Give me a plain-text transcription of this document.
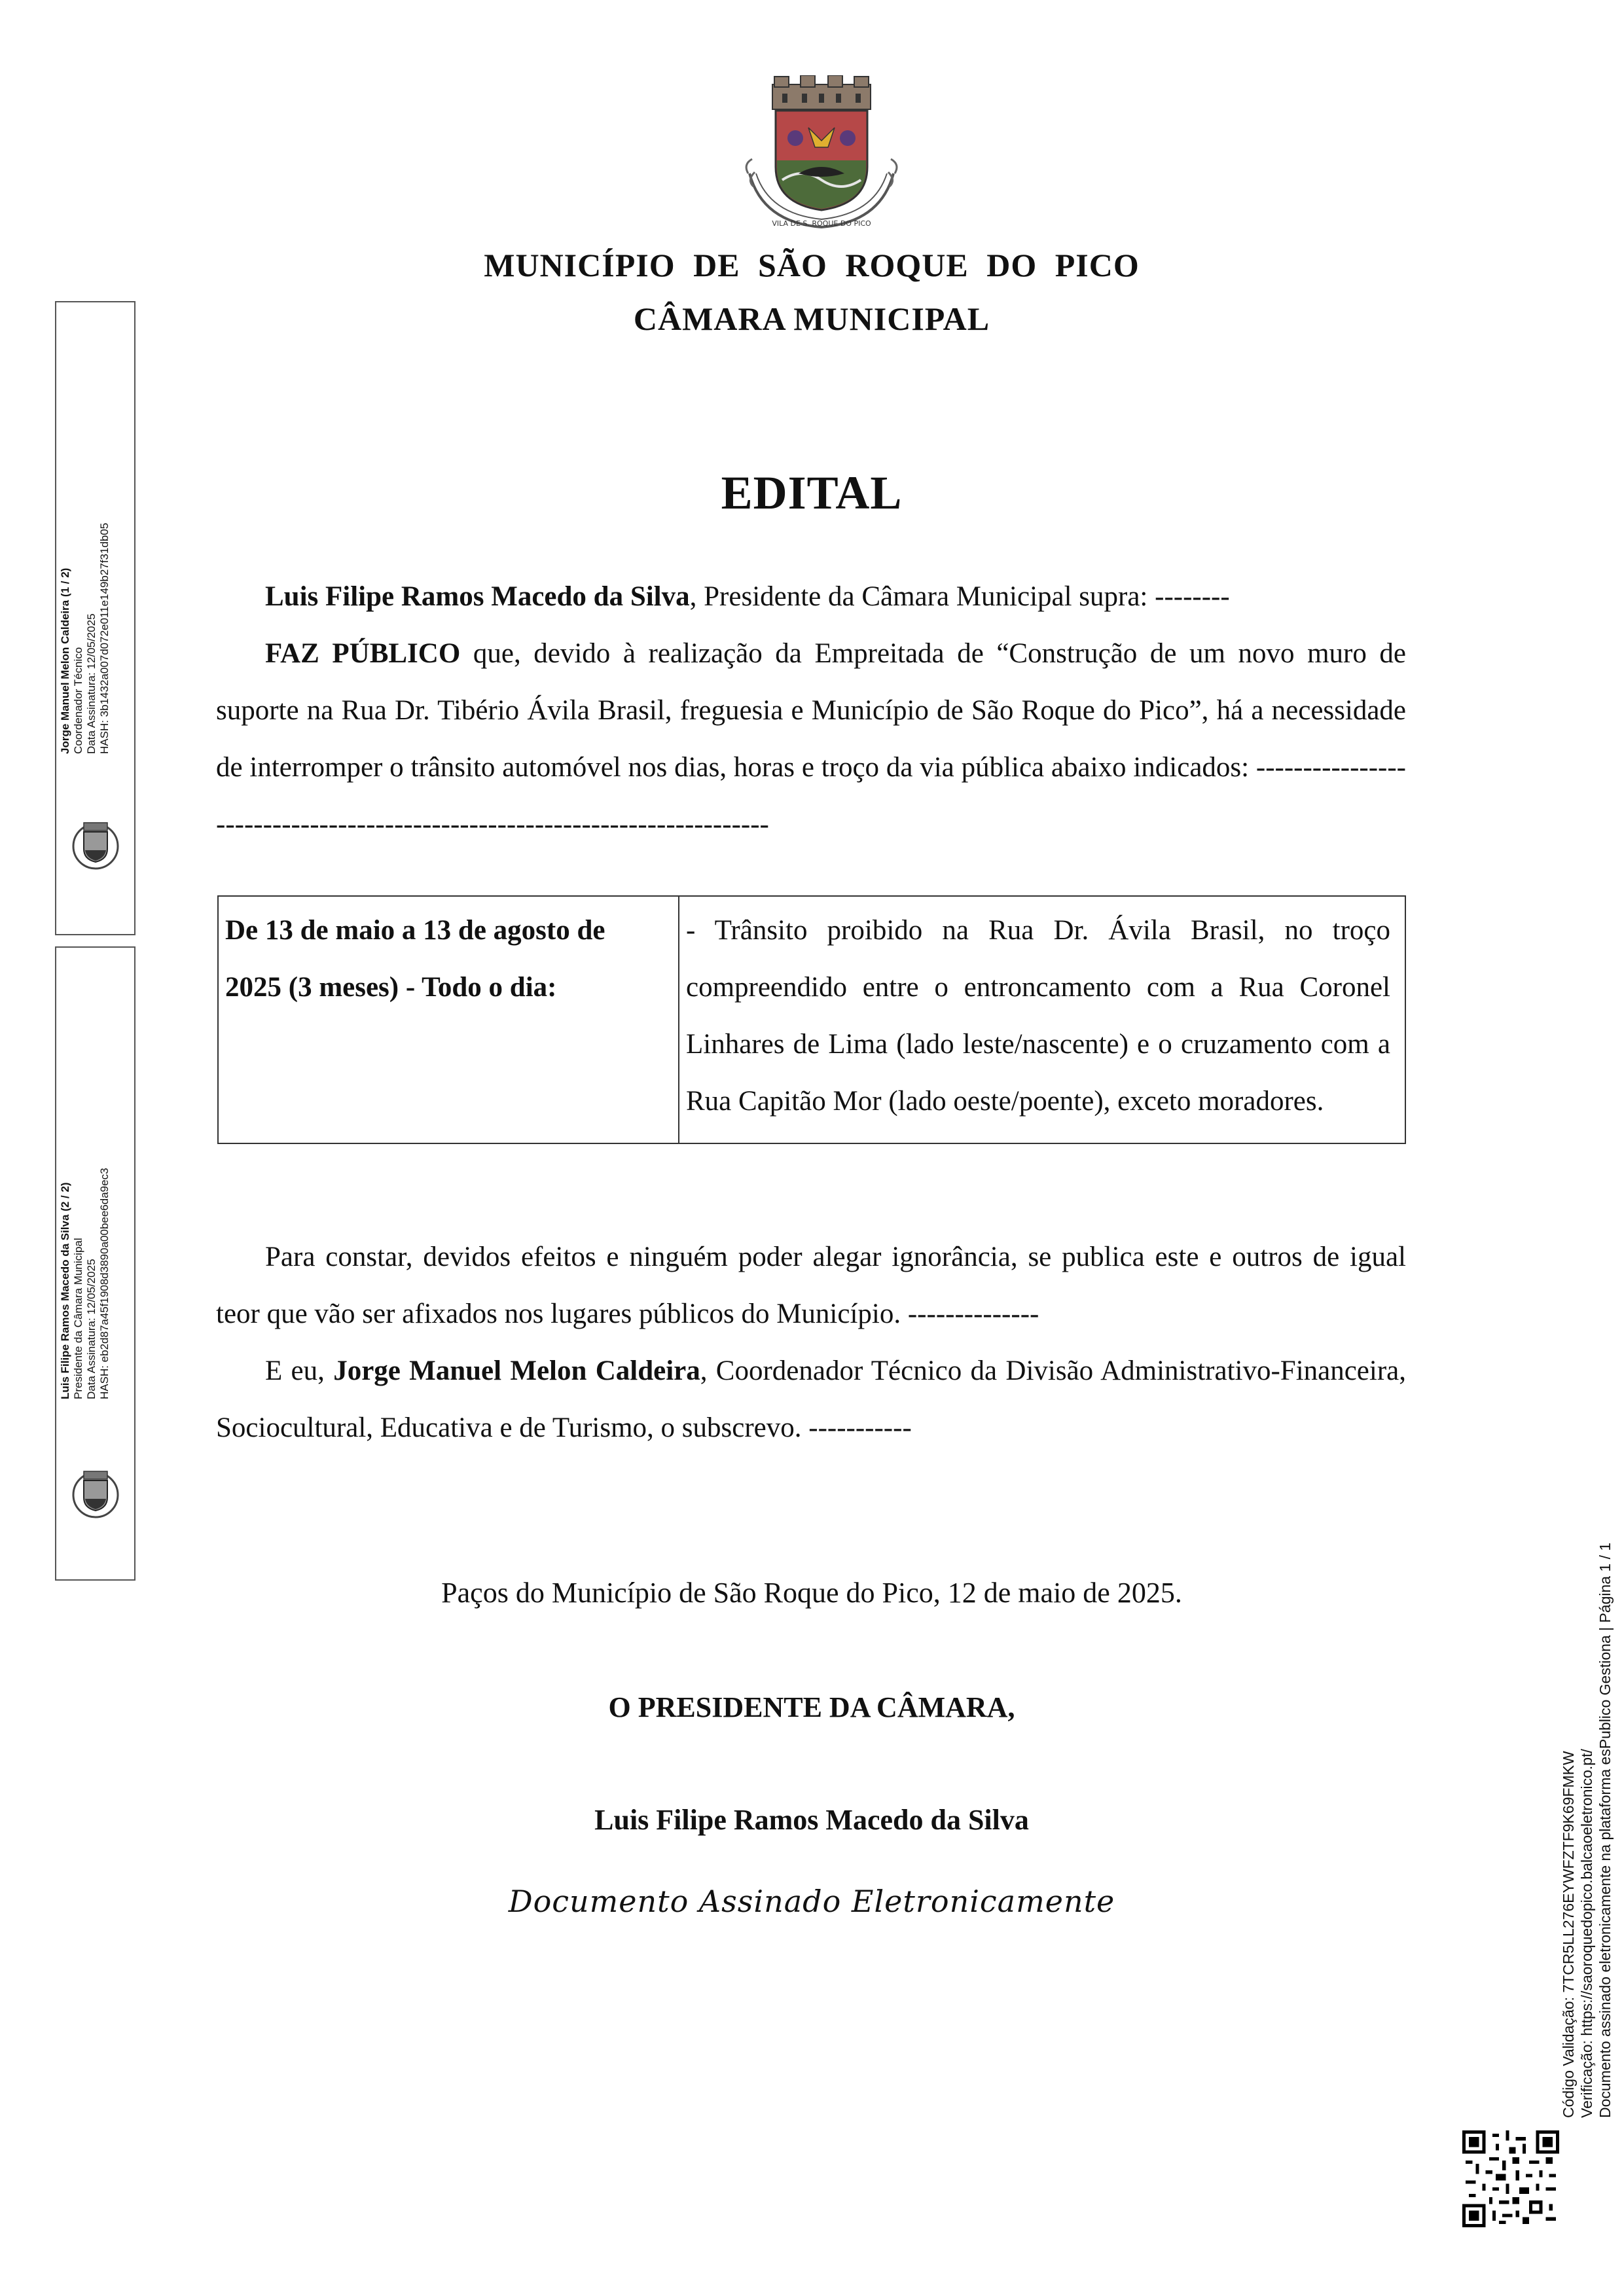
VILA DE S. ROQUE DO PICO
MUNICÍPIO DE SÃO ROQUE DO PICO
CÂMARA MUNICIPAL
EDITAL
Luis Filipe Ramos Macedo da Silva, Presidente da Câmara Municipal supra: --------
FAZ PÚBLICO que, devido à realização da Empreitada de “Construção de um novo muro de suporte na Rua Dr. Tibério Ávila Brasil, freguesia e Município de São Roque do Pico”, há a necessidade de interromper o trânsito automóvel nos dias, horas e troço da via pública abaixo indicados: ---------------------------------------------------------------------------
De 13 de maio a 13 de agosto de 2025 (3 meses) - Todo o dia:	- Trânsito proibido na Rua Dr. Ávila Brasil, no troço compreendido entre o entroncamento com a Rua Coronel Linhares de Lima (lado leste/nascente) e o cruzamento com a Rua Capitão Mor (lado oeste/poente), exceto moradores.
Para constar, devidos efeitos e ninguém poder alegar ignorância, se publica este e outros de igual teor que vão ser afixados nos lugares públicos do Município. --------------
E eu, Jorge Manuel Melon Caldeira, Coordenador Técnico da Divisão Administrativo-Financeira, Sociocultural, Educativa e de Turismo, o subscrevo. -----------
Paços do Município de São Roque do Pico, 12 de maio de 2025.
O PRESIDENTE DA CÂMARA,
Luis Filipe Ramos Macedo da Silva
Documento Assinado Eletronicamente
Jorge Manuel Melon Caldeira (1 / 2) Coordenador Técnico Data Assinatura: 12/05/2025 HASH: 3b1432a007d072e011e149b27f31db05
Luis Filipe Ramos Macedo da Silva (2 / 2) Presidente da Câmara Municipal Data Assinatura: 12/05/2025 HASH: eb2d87a45f1908d3890a00bee6da9ec3
Código Validação: 7TCR5LL276EYWFZTF9K69FMKW Verificação: https://saoroquedopico.balcaoeletronico.pt/ Documento assinado eletronicamente na plataforma esPublico Gestiona | Página 1 / 1
